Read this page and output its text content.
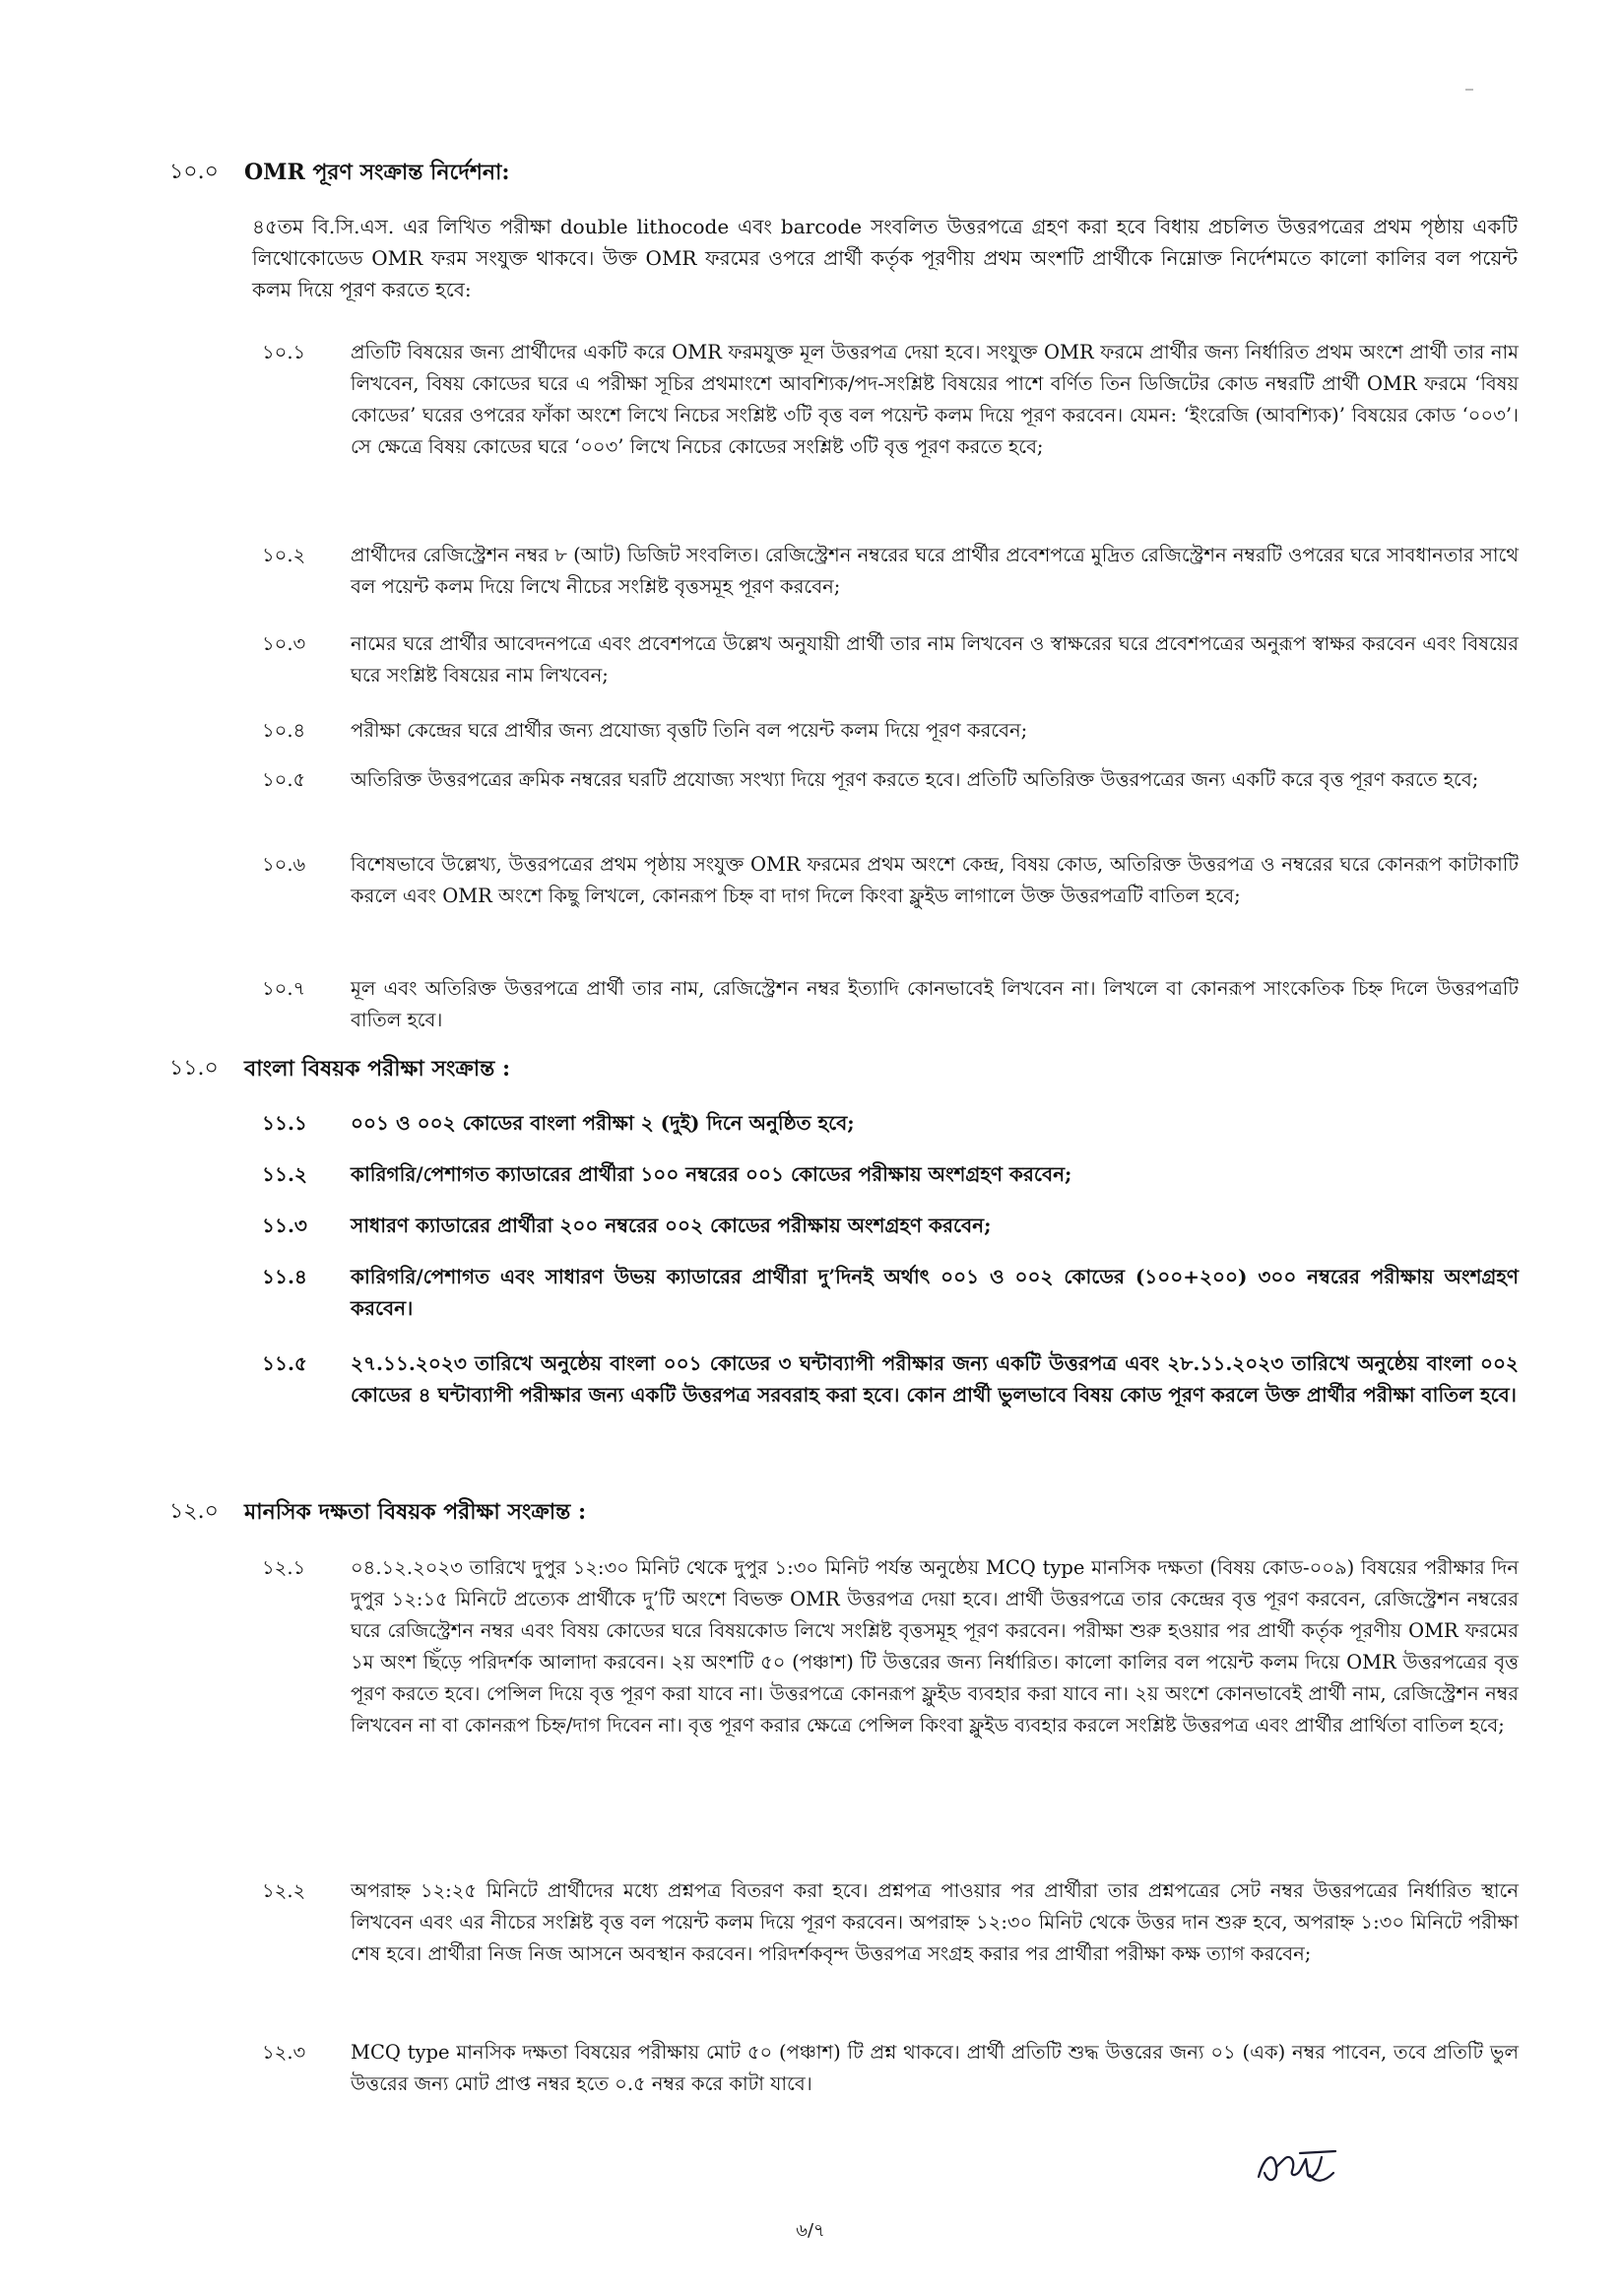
১০.০	OMR পূরণ সংক্রান্ত নির্দেশনা:
৪৫তম বি.সি.এস. এর লিখিত পরীক্ষা double lithocode এবং barcode সংবলিত উত্তরপত্রে গ্রহণ করা হবে বিধায় প্রচলিত উত্তরপত্রের প্রথম পৃষ্ঠায় একটি লিথোকোডেড OMR ফরম সংযুক্ত থাকবে। উক্ত OMR ফরমের ওপরে প্রার্থী কর্তৃক পূরণীয় প্রথম অংশটি প্রার্থীকে নিম্নোক্ত নির্দেশমতে কালো কালির বল পয়েন্ট কলম দিয়ে পূরণ করতে হবে:
১০.১	প্রতিটি বিষয়ের জন্য প্রার্থীদের একটি করে OMR ফরমযুক্ত মূল উত্তরপত্র দেয়া হবে। সংযুক্ত OMR ফরমে প্রার্থীর জন্য নির্ধারিত প্রথম অংশে প্রার্থী তার নাম লিখবেন, বিষয় কোডের ঘরে এ পরীক্ষা সূচির প্রথমাংশে আবশ্যিক/পদ-সংশ্লিষ্ট বিষয়ের পাশে বর্ণিত তিন ডিজিটের কোড নম্বরটি প্রার্থী OMR ফরমে ‘বিষয় কোডের’ ঘরের ওপরের ফাঁকা অংশে লিখে নিচের সংশ্লিষ্ট ৩টি বৃত্ত বল পয়েন্ট কলম দিয়ে পূরণ করবেন। যেমন: ‘ইংরেজি (আবশ্যিক)’ বিষয়ের কোড ‘০০৩’। সে ক্ষেত্রে বিষয় কোডের ঘরে ‘০০৩’ লিখে নিচের কোডের সংশ্লিষ্ট ৩টি বৃত্ত পূরণ করতে হবে;
১০.২	প্রার্থীদের রেজিস্ট্রেশন নম্বর ৮ (আট) ডিজিট সংবলিত। রেজিস্ট্রেশন নম্বরের ঘরে প্রার্থীর প্রবেশপত্রে মুদ্রিত রেজিস্ট্রেশন নম্বরটি ওপরের ঘরে সাবধানতার সাথে বল পয়েন্ট কলম দিয়ে লিখে নীচের সংশ্লিষ্ট বৃত্তসমূহ পূরণ করবেন;
১০.৩	নামের ঘরে প্রার্থীর আবেদনপত্রে এবং প্রবেশপত্রে উল্লেখ অনুযায়ী প্রার্থী তার নাম লিখবেন ও স্বাক্ষরের ঘরে প্রবেশপত্রের অনুরূপ স্বাক্ষর করবেন এবং বিষয়ের ঘরে সংশ্লিষ্ট বিষয়ের নাম লিখবেন;
১০.৪	পরীক্ষা কেন্দ্রের ঘরে প্রার্থীর জন্য প্রযোজ্য বৃত্তটি তিনি বল পয়েন্ট কলম দিয়ে পূরণ করবেন;
১০.৫	অতিরিক্ত উত্তরপত্রের ক্রমিক নম্বরের ঘরটি প্রযোজ্য সংখ্যা দিয়ে পূরণ করতে হবে। প্রতিটি অতিরিক্ত উত্তরপত্রের জন্য একটি করে বৃত্ত পূরণ করতে হবে;
১০.৬	বিশেষভাবে উল্লেখ্য, উত্তরপত্রের প্রথম পৃষ্ঠায় সংযুক্ত OMR ফরমের প্রথম অংশে কেন্দ্র, বিষয় কোড, অতিরিক্ত উত্তরপত্র ও নম্বরের ঘরে কোনরূপ কাটাকাটি করলে এবং OMR অংশে কিছু লিখলে, কোনরূপ চিহ্ন বা দাগ দিলে কিংবা ফ্লুইড লাগালে উক্ত উত্তরপত্রটি বাতিল হবে;
১০.৭	মূল এবং অতিরিক্ত উত্তরপত্রে প্রার্থী তার নাম, রেজিস্ট্রেশন নম্বর ইত্যাদি কোনভাবেই লিখবেন না। লিখলে বা কোনরূপ সাংকেতিক চিহ্ন দিলে উত্তরপত্রটি বাতিল হবে।
১১.০	বাংলা বিষয়ক পরীক্ষা সংক্রান্ত :
১১.১	০০১ ও ০০২ কোডের বাংলা পরীক্ষা ২ (দুই) দিনে অনুষ্ঠিত হবে;
১১.২	কারিগরি/পেশাগত ক্যাডারের প্রার্থীরা ১০০ নম্বরের ০০১ কোডের পরীক্ষায় অংশগ্রহণ করবেন;
১১.৩	সাধারণ ক্যাডারের প্রার্থীরা ২০০ নম্বরের ০০২ কোডের পরীক্ষায় অংশগ্রহণ করবেন;
১১.৪	কারিগরি/পেশাগত এবং সাধারণ উভয় ক্যাডারের প্রার্থীরা দু’দিনই অর্থাৎ ০০১ ও ০০২ কোডের (১০০+২০০) ৩০০ নম্বরের পরীক্ষায় অংশগ্রহণ করবেন।
১১.৫	২৭.১১.২০২৩ তারিখে অনুষ্ঠেয় বাংলা ০০১ কোডের ৩ ঘন্টাব্যাপী পরীক্ষার জন্য একটি উত্তরপত্র এবং ২৮.১১.২০২৩ তারিখে অনুষ্ঠেয় বাংলা ০০২ কোডের ৪ ঘন্টাব্যাপী পরীক্ষার জন্য একটি উত্তরপত্র সরবরাহ করা হবে। কোন প্রার্থী ভুলভাবে বিষয় কোড পূরণ করলে উক্ত প্রার্থীর পরীক্ষা বাতিল হবে।
১২.০	মানসিক দক্ষতা বিষয়ক পরীক্ষা সংক্রান্ত :
১২.১	০৪.১২.২০২৩ তারিখে দুপুর ১২:৩০ মিনিট থেকে দুপুর ১:৩০ মিনিট পর্যন্ত অনুষ্ঠেয় MCQ type মানসিক দক্ষতা (বিষয় কোড-০০৯) বিষয়ের পরীক্ষার দিন দুপুর ১২:১৫ মিনিটে প্রত্যেক প্রার্থীকে দু’টি অংশে বিভক্ত OMR উত্তরপত্র দেয়া হবে। প্রার্থী উত্তরপত্রে তার কেন্দ্রের বৃত্ত পূরণ করবেন, রেজিস্ট্রেশন নম্বরের ঘরে রেজিস্ট্রেশন নম্বর এবং বিষয় কোডের ঘরে বিষয়কোড লিখে সংশ্লিষ্ট বৃত্তসমূহ পূরণ করবেন। পরীক্ষা শুরু হওয়ার পর প্রার্থী কর্তৃক পূরণীয় OMR ফরমের ১ম অংশ ছিঁড়ে পরিদর্শক আলাদা করবেন। ২য় অংশটি ৫০ (পঞ্চাশ) টি উত্তরের জন্য নির্ধারিত। কালো কালির বল পয়েন্ট কলম দিয়ে OMR উত্তরপত্রের বৃত্ত পূরণ করতে হবে। পেন্সিল দিয়ে বৃত্ত পূরণ করা যাবে না। উত্তরপত্রে কোনরূপ ফ্লুইড ব্যবহার করা যাবে না। ২য় অংশে কোনভাবেই প্রার্থী নাম, রেজিস্ট্রেশন নম্বর লিখবেন না বা কোনরূপ চিহ্ন/দাগ দিবেন না। বৃত্ত পূরণ করার ক্ষেত্রে পেন্সিল কিংবা ফ্লুইড ব্যবহার করলে সংশ্লিষ্ট উত্তরপত্র এবং প্রার্থীর প্রার্থিতা বাতিল হবে;
১২.২	অপরাহ্ন ১২:২৫ মিনিটে প্রার্থীদের মধ্যে প্রশ্নপত্র বিতরণ করা হবে। প্রশ্নপত্র পাওয়ার পর প্রার্থীরা তার প্রশ্নপত্রের সেট নম্বর উত্তরপত্রের নির্ধারিত স্থানে লিখবেন এবং এর নীচের সংশ্লিষ্ট বৃত্ত বল পয়েন্ট কলম দিয়ে পূরণ করবেন। অপরাহ্ন ১২:৩০ মিনিট থেকে উত্তর দান শুরু হবে, অপরাহ্ন ১:৩০ মিনিটে পরীক্ষা শেষ হবে। প্রার্থীরা নিজ নিজ আসনে অবস্থান করবেন। পরিদর্শকবৃন্দ উত্তরপত্র সংগ্রহ করার পর প্রার্থীরা পরীক্ষা কক্ষ ত্যাগ করবেন;
১২.৩	MCQ type মানসিক দক্ষতা বিষয়ের পরীক্ষায় মোট ৫০ (পঞ্চাশ) টি প্রশ্ন থাকবে। প্রার্থী প্রতিটি শুদ্ধ উত্তরের জন্য ০১ (এক) নম্বর পাবেন, তবে প্রতিটি ভুল উত্তরের জন্য মোট প্রাপ্ত নম্বর হতে ০.৫ নম্বর করে কাটা যাবে।
৬/৭
